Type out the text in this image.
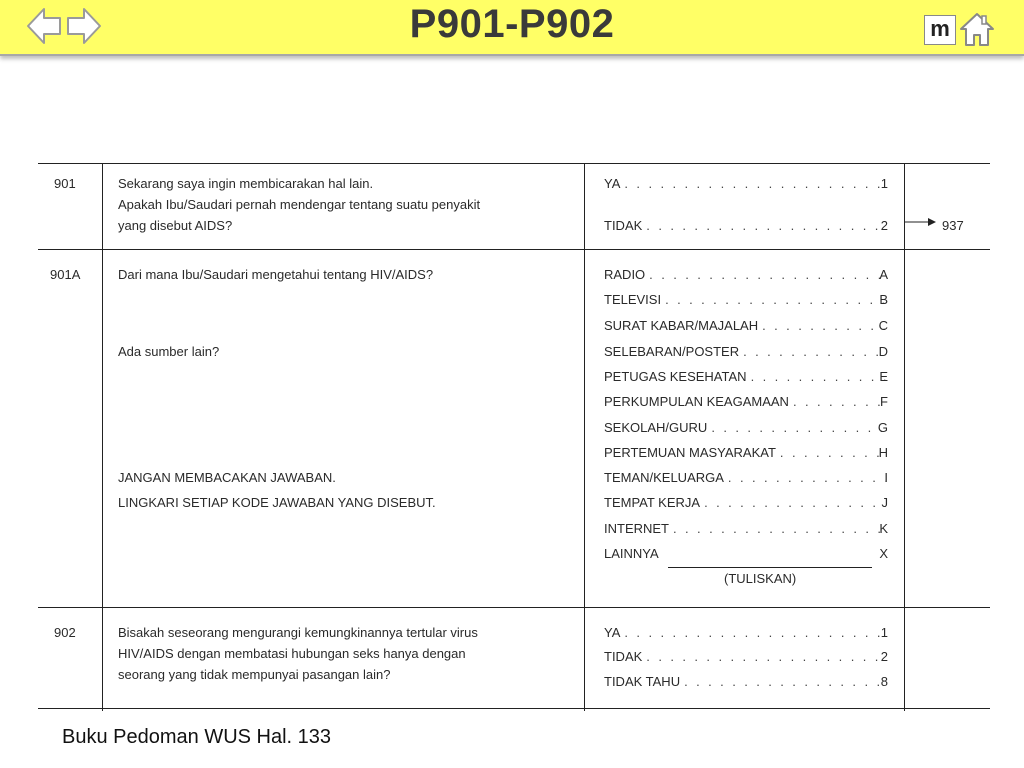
P901-P902	m
901	Sekarang saya ingin membicarakan hal lain.
Apakah Ibu/Saudari pernah mendengar tentang suatu penyakit
yang disebut AIDS?
YA . . .	1
TIDAK . . .	2	937
901A	Dari mana Ibu/Saudari mengetahui tentang HIV/AIDS?
Ada sumber lain?
JANGAN MEMBACAKAN JAWABAN.
LINGKARI SETIAP KODE JAWABAN YANG DISEBUT.
RADIO . . .	A
TELEVISI . . .	B
SURAT KABAR/MAJALAH . . .	C
SELEBARAN/POSTER . . .	D
PETUGAS KESEHATAN . . .	E
PERKUMPULAN KEAGAMAAN . . .	F
SEKOLAH/GURU . . .	G
PERTEMUAN MASYARAKAT . . .	H
TEMAN/KELUARGA . . .	I
TEMPAT KERJA . . .	J
INTERNET . . .	K
LAINNYA	X
(TULISKAN)
902	Bisakah seseorang mengurangi kemungkinannya tertular virus
HIV/AIDS dengan membatasi hubungan seks hanya dengan
seorang yang tidak mempunyai pasangan lain?
YA . . .	1
TIDAK . . .	2
TIDAK TAHU . . .	8
Buku Pedoman WUS Hal. 133
